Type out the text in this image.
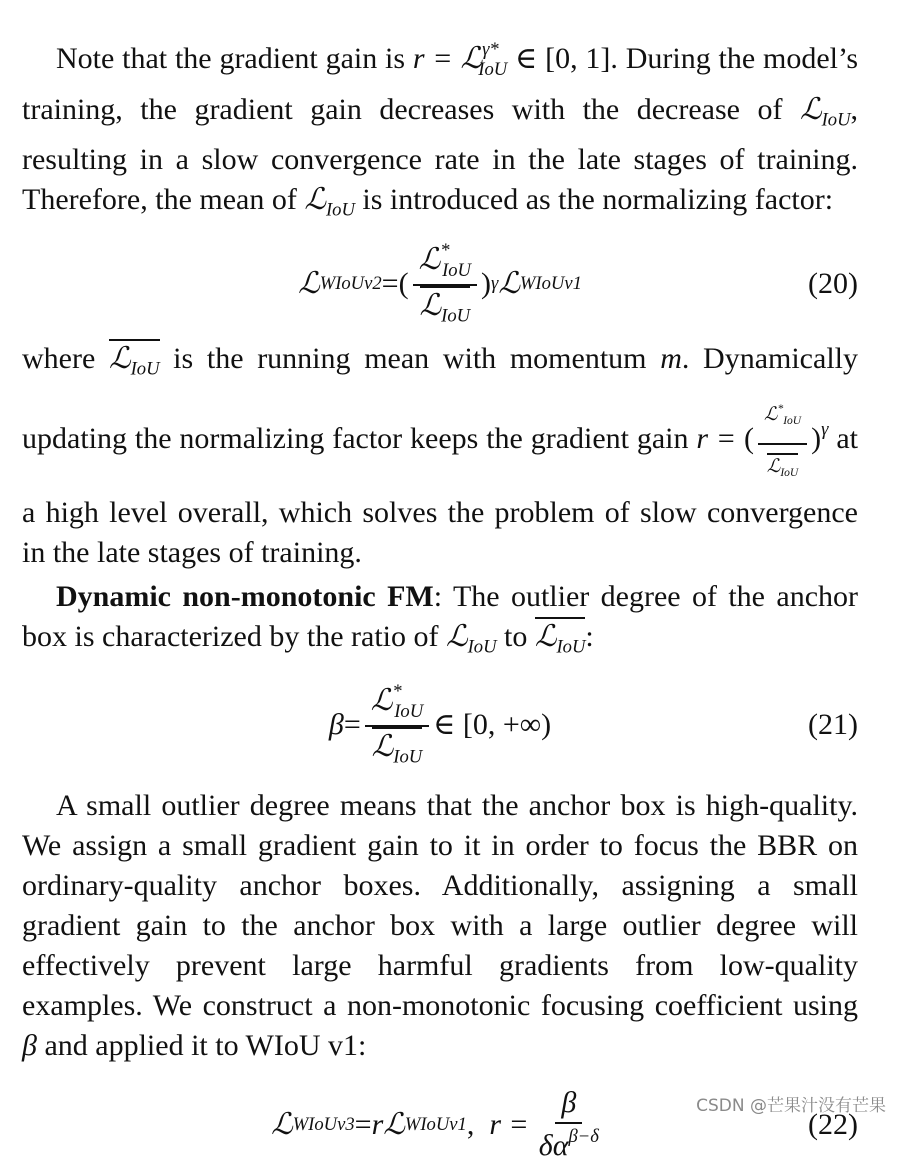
Note that the gradient gain is r = ℒ$^{\gamma*}_{IoU}$ ∈ [0, 1]. During the model’s training, the gradient gain decreases with the decrease of ℒ$_{IoU}$, resulting in a slow convergence rate in the late stages of training. Therefore, the mean of ℒ$_{IoU}$ is introduced as the normalizing factor:

ℒ WIoUv2 = ( $\frac{ℒ^*_{IoU}}{ℒ_{IoU}}$ ) γ ℒ WIoUv1	(20)

where ℒ$_{IoU}$ is the running mean with momentum m. Dynamically updating the normalizing factor keeps the gradient gain r = ( $\frac{ℒ^*_{IoU}}{ℒ_{IoU}} )^\gamma$ at a high level overall, which solves the problem of slow convergence in the late stages of training.

Dynamic non-monotonic FM: The outlier degree of the anchor box is characterized by the ratio of ℒ$_{IoU}$ to ℒ$_{IoU}$:

$\beta = \frac{ℒ^*_{IoU}}{ℒ_{IoU}}$ ∈ [0, +∞)	(21)

A small outlier degree means that the anchor box is high-quality. We assign a small gradient gain to it in order to focus the BBR on ordinary-quality anchor boxes. Additionally, assigning a small gradient gain to the anchor box with a large outlier degree will effectively prevent large harmful gradients from low-quality examples. We construct a non-monotonic focusing coefficient using β and applied it to WIoU v1:

ℒ WIoUv3 = r ℒ WIoUv1 , $r = \frac{\beta}{\delta\alpha^{\beta-\delta}}$	(22)
CSDN @芒果汁没有芒果
